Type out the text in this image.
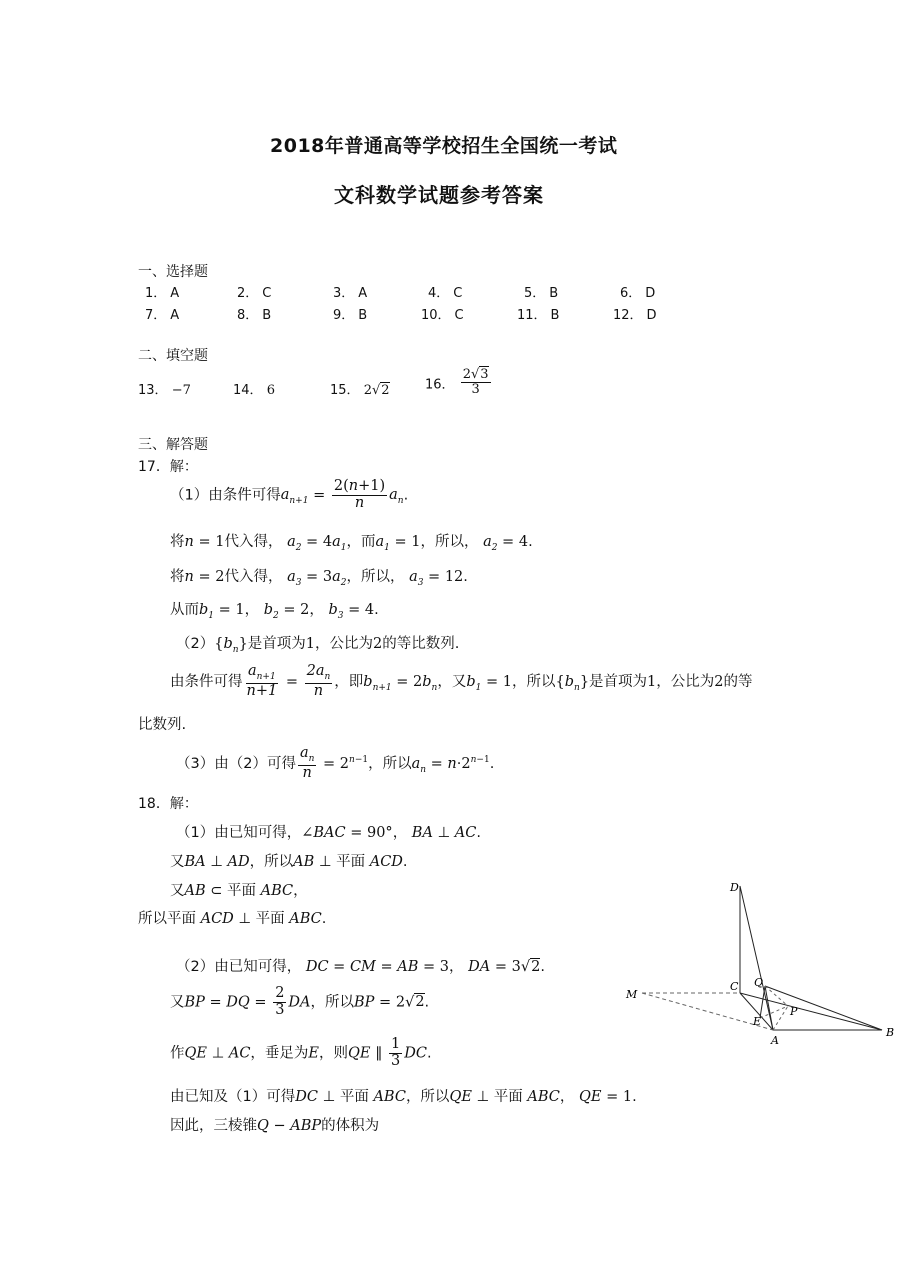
2018年普通高等学校招生全国统一考试
文科数学试题参考答案
一、选择题
1． A	2． C	3． A	4． C	5． B	6． D
7． A	8． B	9． B	10． C	11． B	12． D
二、填空题
13． −7	14． 6	15． 2√2	16． $\frac{2√3}{3}$
三、解答题
17．解：
（1）由条件可得$a_{n+1} = \frac{2(n+1)}{n} a_n$.
将n = 1代入得， $a_2 = 4a_1$，而$a_1 = 1$，所以， $a_2 = 4$.
将n = 2代入得， $a_3 = 3a_2$，所以， $a_3 = 12$.
从而$b_1 = 1$， $b_2 = 2$， $b_3 = 4$.
$(2)\{b_n\}$是首项为1，公比为2的等比数列.
由条件可得 $\frac{a_{n+1}}{n+1} = \frac{2a_n}{n}$ ，即$b_{n+1} = 2b_n$，又$b_1 = 1$，所以$\{b_n\}$是首项为1，公比为2的等
比数列.
（3）由（2）可得 $\frac{a_n}{n} = 2^{n-1}$，所以$a_n = n\cdot 2^{n-1}$.
18．解：
（1）由已知可得，∠BAC = 90°， BA ⊥ AC.
又BA ⊥ AD，所以AB ⊥ 平面 ACD.
又AB ⊂ 平面 ABC，
所以平面 ACD ⊥ 平面 ABC.
（2）由已知可得， DC = CM = AB = 3， DA = 3√2.
又BP = DQ = $\frac{2}{3}$ DA，所以BP = 2√2.
作QE ⊥ AC，垂足为E，则QE ∥ $\frac{1}{3}$ DC.
由已知及（1）可得DC ⊥ 平面 ABC，所以QE ⊥ 平面 ABC， QE = 1.
因此，三棱锥Q − ABP的体积为
D
C Q
M
E
P
A
B
